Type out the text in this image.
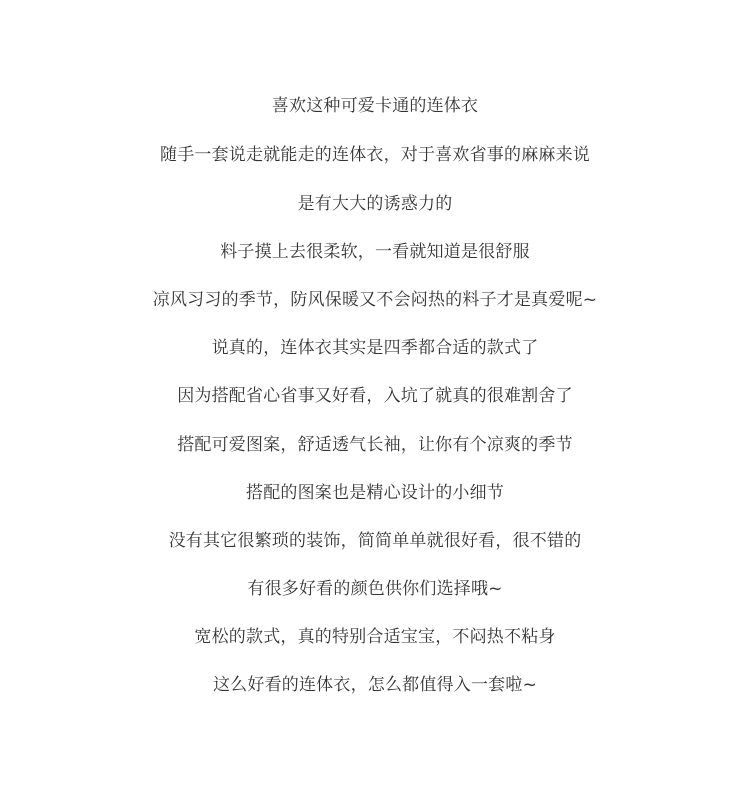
喜欢这种可爱卡通的连体衣
随手一套说走就能走的连体衣，对于喜欢省事的麻麻来说
是有大大的诱惑力的
料子摸上去很柔软，一看就知道是很舒服
凉风习习的季节，防风保暖又不会闷热的料子才是真爱呢~
说真的，连体衣其实是四季都合适的款式了
因为搭配省心省事又好看，入坑了就真的很难割舍了
搭配可爱图案，舒适透气长袖，让你有个凉爽的季节
搭配的图案也是精心设计的小细节
没有其它很繁琐的装饰，简简单单就很好看，很不错的
有很多好看的颜色供你们选择哦~
宽松的款式，真的特别合适宝宝，不闷热不粘身
这么好看的连体衣，怎么都值得入一套啦~
